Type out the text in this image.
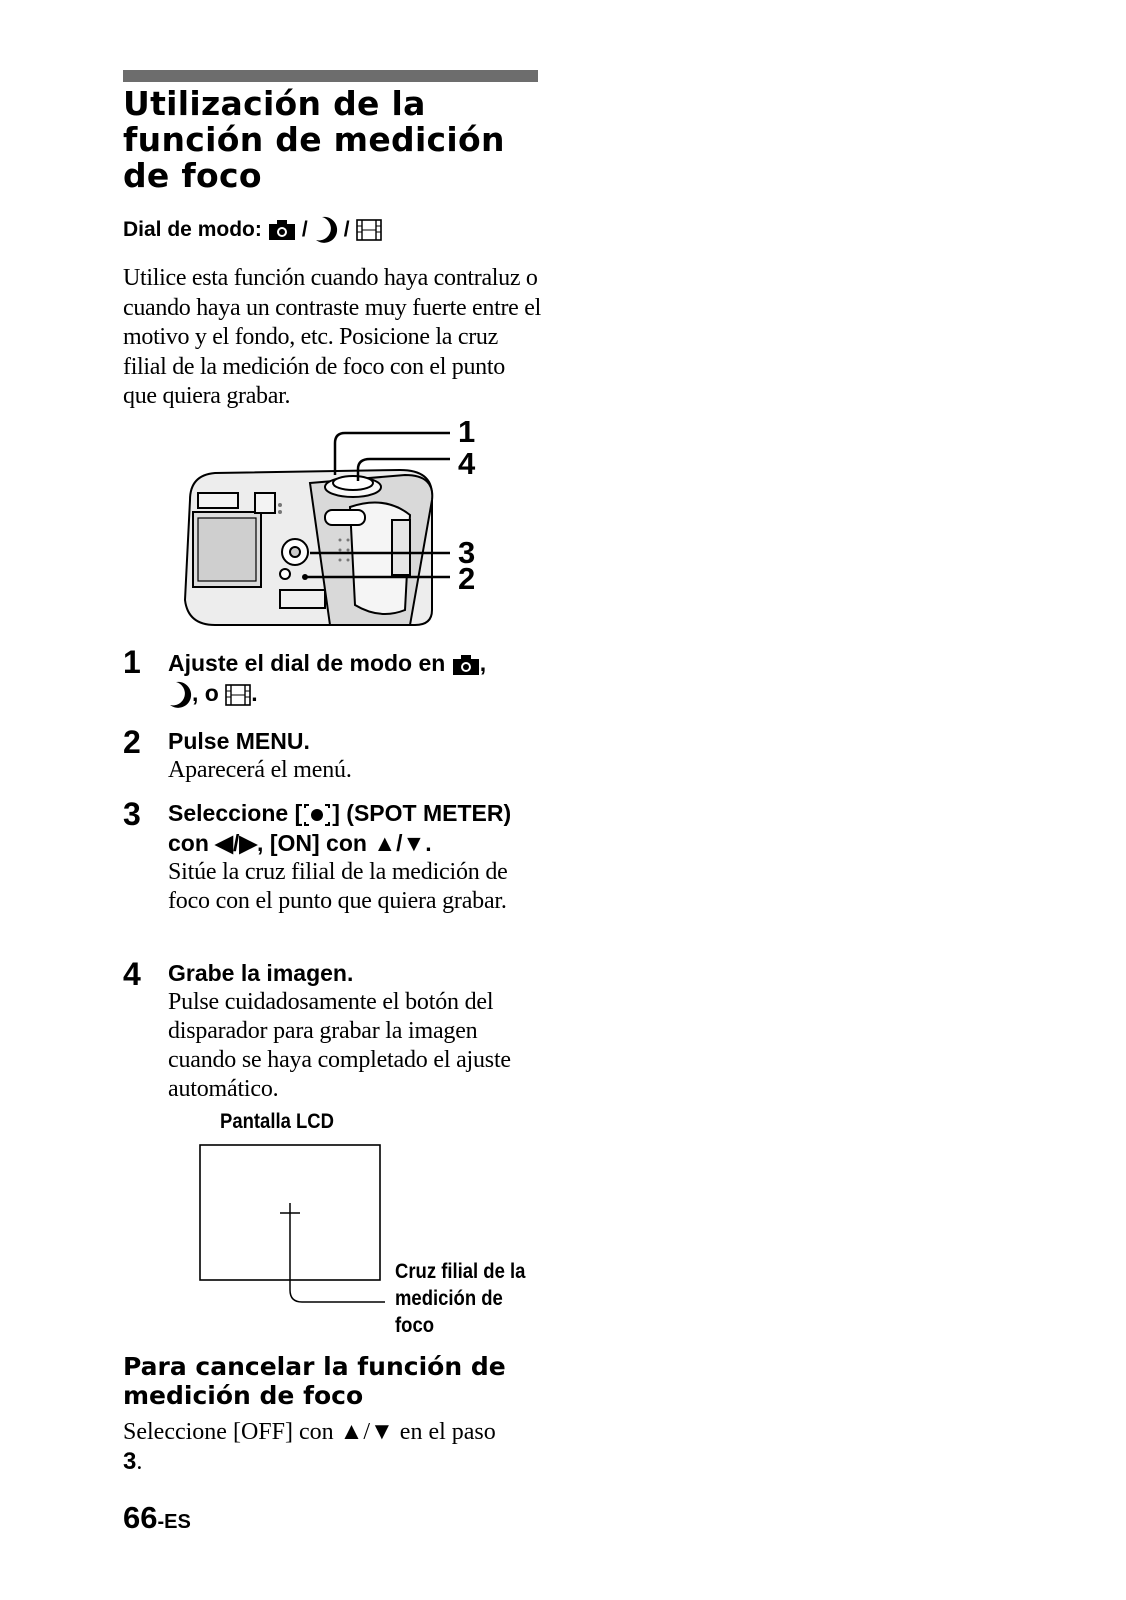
Utilización de la función de medición de foco
Dial de modo: / /

Utilice esta función cuando haya contraluz o cuando haya un contraste muy fuerte entre el motivo y el fondo, etc. Posicione la cruz filial de la medición de foco con el punto que quiera grabar.

1
4
3
2
1 Ajuste el dial de modo en ,
, o .
2 Pulse MENU.
Aparecerá el menú.
3 Seleccione [ ] (SPOT METER) con ◀/▶, [ON] con ▲/▼.
Sitúe la cruz filial de la medición de foco con el punto que quiera grabar.
4 Grabe la imagen.
Pulse cuidadosamente el botón del disparador para grabar la imagen cuando se haya completado el ajuste automático.
Pantalla LCD
Cruz filial de la medición de foco
Para cancelar la función de medición de foco

Seleccione [OFF] con ▲/▼ en el paso
3.

66-ES
